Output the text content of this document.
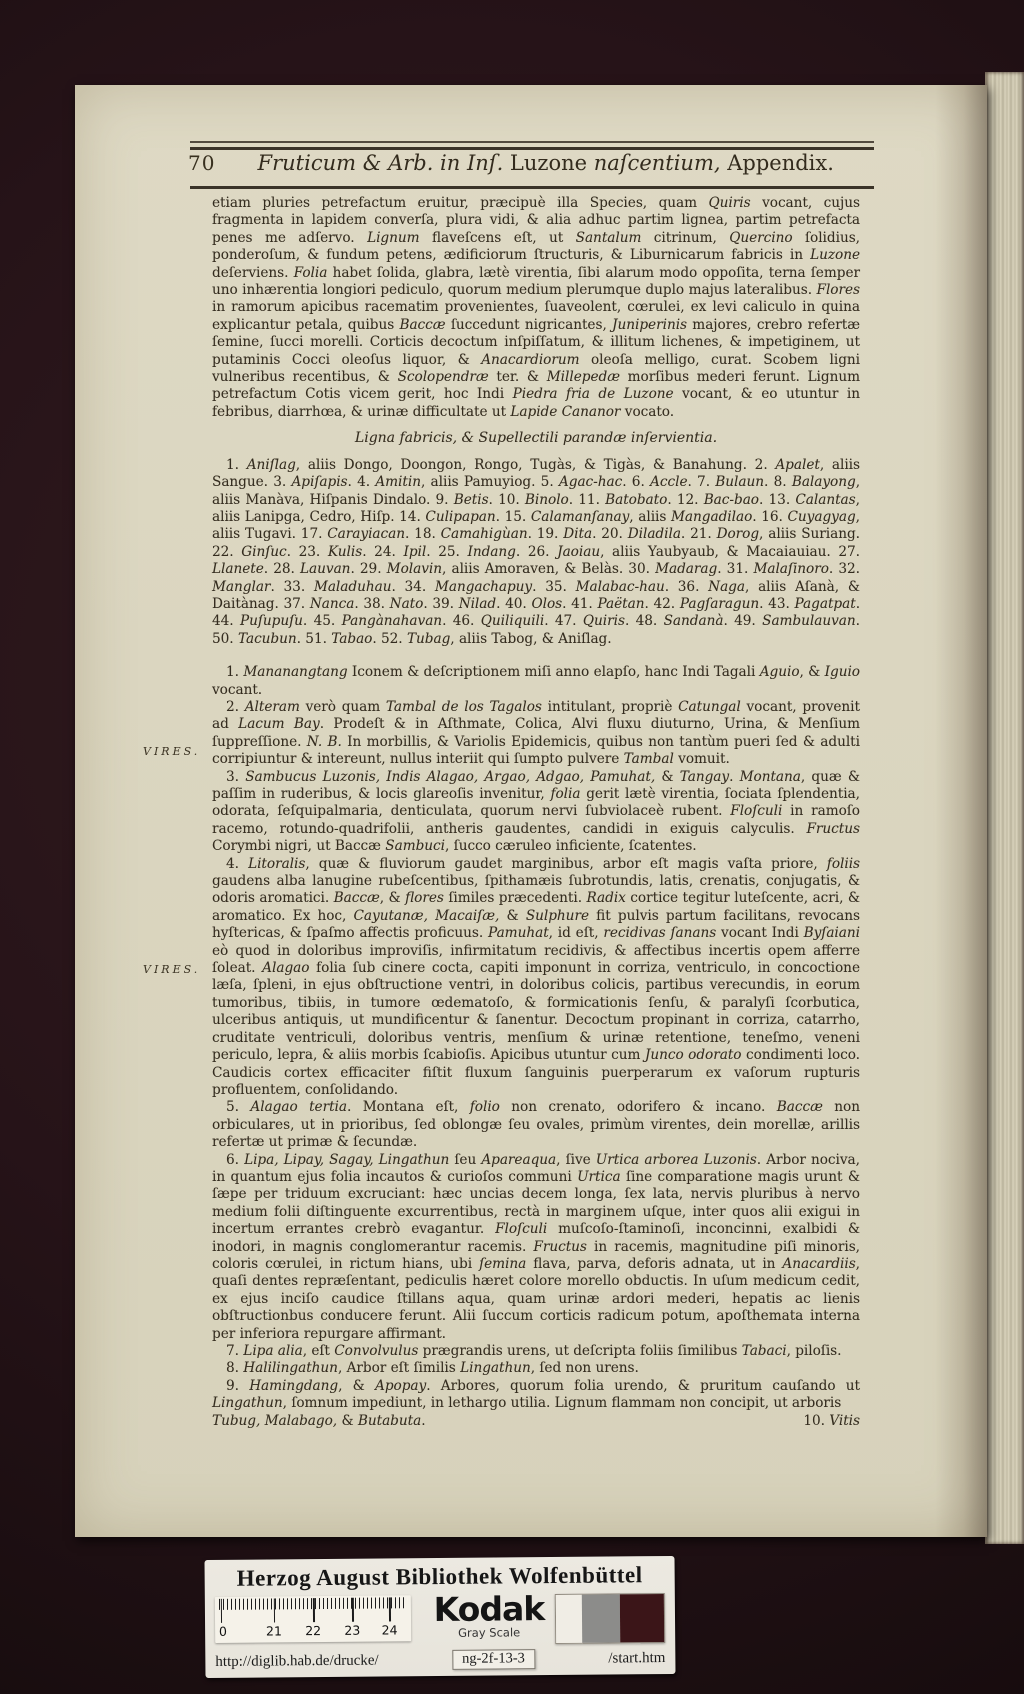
70	Fruticum & Arb. in Inſ. Luzone naſcentium, Appendix.
VIRES.
VIRES.

etiam pluries petrefactum eruitur, præcipuè illa Species, quam Quiris vocant, cujus fragmenta in lapidem converſa, plura vidi, & alia adhuc partim lignea, partim petrefacta penes me adſervo. Lignum flaveſcens eſt, ut Santalum citrinum, Quercino ſolidius, ponderoſum, & fundum petens, ædificiorum ſtructuris, & Liburnicarum fabricis in Luzone deſerviens. Folia habet ſolida, glabra, lætè virentia, ſibi alarum modo oppoſita, terna ſemper uno inhærentia longiori pediculo, quorum medium plerumque duplo majus lateralibus. Flores in ramorum apicibus racematim provenientes, ſuaveolent, cœrulei, ex levi caliculo in quina explicantur petala, quibus Baccæ ſuccedunt nigricantes, Juniperinis majores, crebro refertæ ſemine, ſucci morelli. Corticis decoctum inſpiſſatum, & illitum lichenes, & impetiginem, ut putaminis Cocci oleoſus liquor, & Anacardiorum oleoſa melligo, curat. Scobem ligni vulneribus recentibus, & Scolopendræ ter. & Millepedæ morſibus mederi ferunt. Lignum petrefactum Cotis vicem gerit, hoc Indi Piedra fria de Luzone vocant, & eo utuntur in febribus, diarrhœa, & urinæ difficultate ut Lapide Cananor vocato.

Ligna fabricis, & Supellectili parandæ inſervientia.

1. Aniſlag, aliis Dongo, Doongon, Rongo, Tugàs, & Tigàs, & Banahung. 2. Apalet, aliis Sangue. 3. Apiſapis. 4. Amitin, aliis Pamuyiog. 5. Agac-hac. 6. Accle. 7. Bulaun. 8. Balayong, aliis Manàva, Hiſpanis Dindalo. 9. Betis. 10. Binolo. 11. Batobato. 12. Bac-bao. 13. Calantas, aliis Lanipga, Cedro, Hiſp. 14. Culipapan. 15. Calamanſanay, aliis Mangadilao. 16. Cuyagyag, aliis Tugavi. 17. Carayiacan. 18. Camahigùan. 19. Dita. 20. Diladila. 21. Dorog, aliis Suriang. 22. Ginſuc. 23. Kulis. 24. Ipil. 25. Indang. 26. Jaoiau, aliis Yaubyaub, & Macaiauiau. 27. Llanete. 28. Lauvan. 29. Molavin, aliis Amoraven, & Belàs. 30. Madarag. 31. Malaſinoro. 32. Manglar. 33. Maladuhau. 34. Mangachapuy. 35. Malabac-hau. 36. Naga, aliis Aſanà, & Daitànag. 37. Nanca. 38. Nato. 39. Nilad. 40. Olos. 41. Paëtan. 42. Pagſaragun. 43. Pagatpat. 44. Puſupuſu. 45. Pangànahavan. 46. Quiliquili. 47. Quiris. 48. Sandanà. 49. Sambulauvan. 50. Tacubun. 51. Tabao. 52. Tubag, aliis Tabog, & Aniſlag.

1. Mananangtang Iconem & deſcriptionem miſi anno elapſo, hanc Indi Tagali Aguio, & Iguio vocant.

2. Alteram verò quam Tambal de los Tagalos intitulant, propriè Catungal vocant, provenit ad Lacum Bay. Prodeſt & in Aſthmate, Colica, Alvi fluxu diuturno, Urina, & Menſium ſuppreſſione. N. B. In morbillis, & Variolis Epidemicis, quibus non tantùm pueri ſed & adulti corripiuntur & intereunt, nullus interiit qui ſumpto pulvere Tambal vomuit.

3. Sambucus Luzonis, Indis Alagao, Argao, Adgao, Pamuhat, & Tangay. Montana, quæ & paſſim in ruderibus, & locis glareoſis invenitur, folia gerit lætè virentia, ſociata ſplendentia, odorata, ſeſquipalmaria, denticulata, quorum nervi ſubviolaceè rubent. Floſculi in ramoſo racemo, rotundo-quadrifolii, antheris gaudentes, candidi in exiguis calyculis. Fructus Corymbi nigri, ut Baccæ Sambuci, ſucco cæruleo inficiente, ſcatentes.

4. Litoralis, quæ & fluviorum gaudet marginibus, arbor eſt magis vaſta priore, foliis gaudens alba lanugine rubeſcentibus, ſpithamæis ſubrotundis, latis, crenatis, conjugatis, & odoris aromatici. Baccæ, & flores ſimiles præcedenti. Radix cortice tegitur luteſcente, acri, & aromatico. Ex hoc, Cayutanæ, Macaiſæ, & Sulphure fit pulvis partum facilitans, revocans hyſtericas, & ſpaſmo affectis proficuus. Pamuhat, id eſt, recidivas ſanans vocant Indi Byſaiani eò quod in doloribus improviſis, infirmitatum recidivis, & affectibus incertis opem afferre ſoleat. Alagao folia ſub cinere cocta, capiti imponunt in corriza, ventriculo, in concoctione læſa, ſpleni, in ejus obſtructione ventri, in doloribus colicis, partibus verecundis, in eorum tumoribus, tibiis, in tumore œdematoſo, & formicationis ſenſu, & paralyſi ſcorbutica, ulceribus antiquis, ut mundificentur & ſanentur. Decoctum propinant in corriza, catarrho, cruditate ventriculi, doloribus ventris, menſium & urinæ retentione, teneſmo, veneni periculo, lepra, & aliis morbis ſcabioſis. Apicibus utuntur cum Junco odorato condimenti loco. Caudicis cortex efficaciter fiſtit fluxum ſanguinis puerperarum ex vaſorum rupturis profluentem, conſolidando.

5. Alagao tertia. Montana eſt, folio non crenato, odorifero & incano. Baccæ non orbiculares, ut in prioribus, ſed oblongæ ſeu ovales, primùm virentes, dein morellæ, arillis refertæ ut primæ & ſecundæ.

6. Lipa, Lipay, Sagay, Lingathun ſeu Apareaqua, ſive Urtica arborea Luzonis. Arbor nociva, in quantum ejus folia incautos & curioſos communi Urtica ſine comparatione magis urunt & ſæpe per triduum excruciant: hæc uncias decem longa, ſex lata, nervis pluribus à nervo medium folii diſtinguente excurrentibus, rectà in marginem uſque, inter quos alii exigui in incertum errantes crebrò evagantur. Floſculi muſcoſo-ſtaminoſi, inconcinni, exalbidi & inodori, in magnis conglomerantur racemis. Fructus in racemis, magnitudine piſi minoris, coloris cœrulei, in rictum hians, ubi ſemina flava, parva, deforis adnata, ut in Anacardiis, quaſi dentes repræſentant, pediculis hæret colore morello obductis. In uſum medicum cedit, ex ejus inciſo caudice ſtillans aqua, quam urinæ ardori mederi, hepatis ac lienis obſtructionbus conducere ferunt. Alii ſuccum corticis radicum potum, apoſthemata interna per inferiora repurgare affirmant.

7. Lipa alia, eſt Convolvulus prægrandis urens, ut deſcripta foliis ſimilibus Tabaci, piloſis.

8. Halilingathun, Arbor eſt ſimilis Lingathun, ſed non urens.

9. Hamingdang, & Apopay. Arbores, quorum folia urendo, & pruritum cauſando ut Lingathun, ſomnum impediunt, in lethargo utilia. Lignum flammam non concipit, ut arboris

Tubug, Malabago, & Butabuta.	10. Vitis
Herzog August Bibliothek Wolfenbüttel
0	21 22 23 24
Kodak
Gray Scale
http://diglib.hab.de/drucke/	ng-2f-13-3	/start.htm
